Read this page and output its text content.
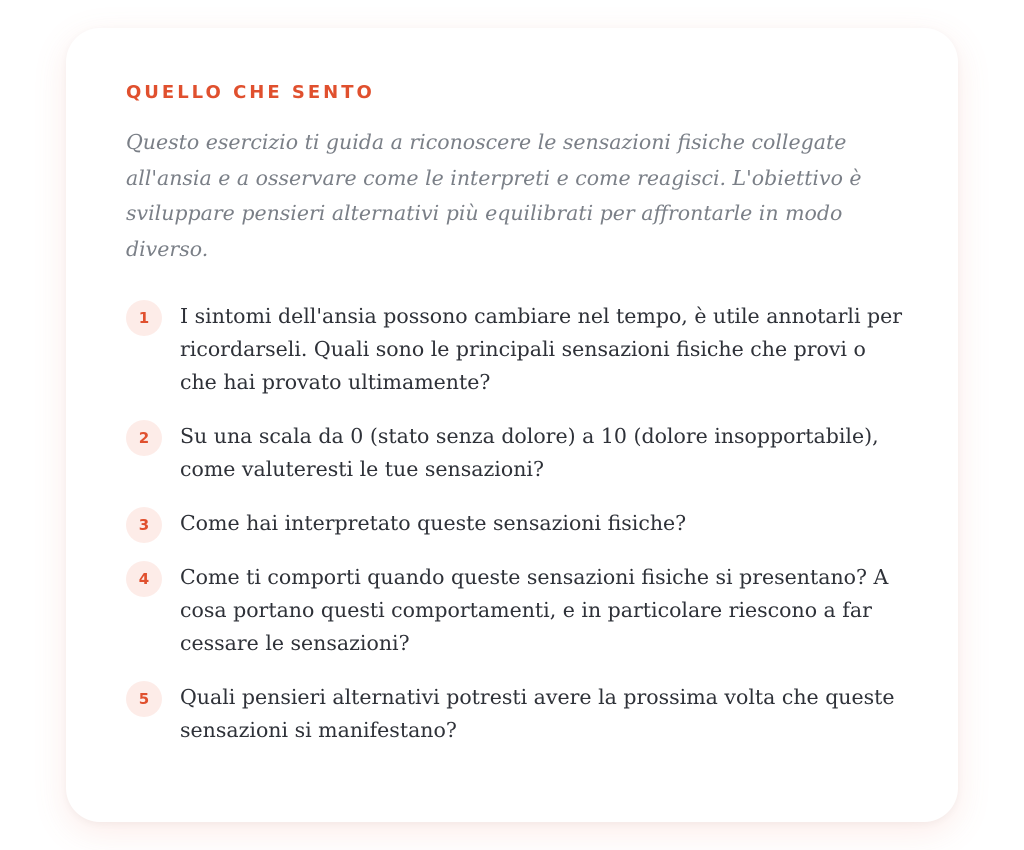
QUELLO CHE SENTO

Questo esercizio ti guida a riconoscere le sensazioni fisiche collegate all'ansia e a osservare come le interpreti e come reagisci. L'obiettivo è sviluppare pensieri alternativi più equilibrati per affrontarle in modo diverso.

1	I sintomi dell'ansia possono cambiare nel tempo, è utile annotarli per ricordarseli. Quali sono le principali sensazioni fisiche che provi o che hai provato ultimamente?
2	Su una scala da 0 (stato senza dolore) a 10 (dolore insopportabile), come valuteresti le tue sensazioni?
3	Come hai interpretato queste sensazioni fisiche?
4	Come ti comporti quando queste sensazioni fisiche si presentano? A cosa portano questi comportamenti, e in particolare riescono a far cessare le sensazioni?
5	Quali pensieri alternativi potresti avere la prossima volta che queste sensazioni si manifestano?
